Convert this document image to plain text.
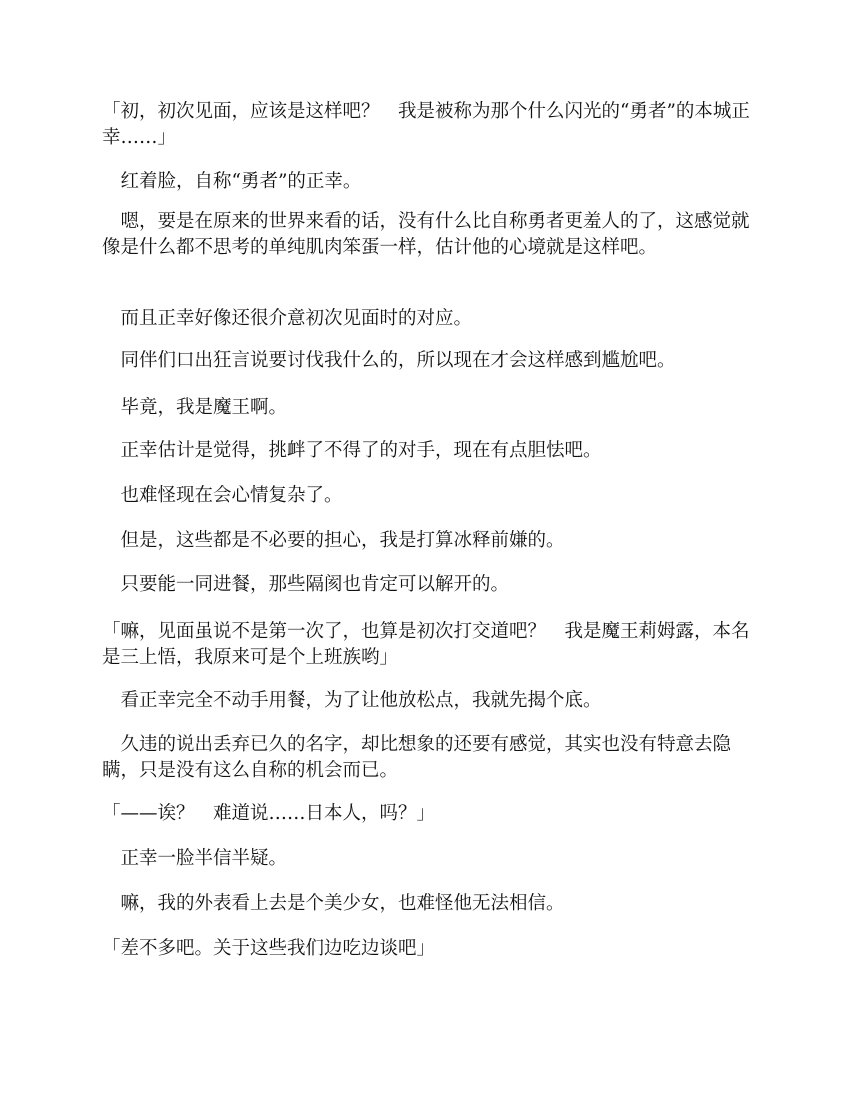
「初，初次见面，应该是这样吧？　我是被称为那个什么闪光的“勇者”的本城正幸……」

　红着脸，自称“勇者”的正幸。

　嗯，要是在原来的世界来看的话，没有什么比自称勇者更羞人的了，这感觉就像是什么都不思考的单纯肌肉笨蛋一样，估计他的心境就是这样吧。

　而且正幸好像还很介意初次见面时的对应。

　同伴们口出狂言说要讨伐我什么的，所以现在才会这样感到尴尬吧。

　毕竟，我是魔王啊。

　正幸估计是觉得，挑衅了不得了的对手，现在有点胆怯吧。

　也难怪现在会心情复杂了。

　但是，这些都是不必要的担心，我是打算冰释前嫌的。

　只要能一同进餐，那些隔阂也肯定可以解开的。

「嘛，见面虽说不是第一次了，也算是初次打交道吧？　我是魔王莉姆露，本名是三上悟，我原来可是个上班族哟」

　看正幸完全不动手用餐，为了让他放松点，我就先揭个底。

　久违的说出丢弃已久的名字，却比想象的还要有感觉，其实也没有特意去隐瞒，只是没有这么自称的机会而已。

「——诶？　难道说……日本人，吗？」

　正幸一脸半信半疑。

　嘛，我的外表看上去是个美少女，也难怪他无法相信。

「差不多吧。关于这些我们边吃边谈吧」
